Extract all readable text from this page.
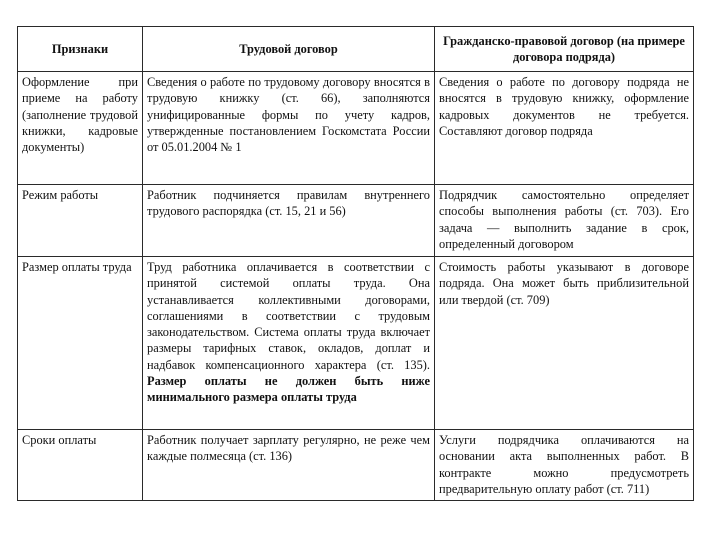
Признаки	Трудовой договор	Гражданско-правовой договор (на примере договора подряда)
Оформление при приеме на работу (заполнение трудовой книжки, кадровые документы)	Сведения о работе по трудовому договору вносятся в трудовую книжку (ст. 66), заполняются унифицированные формы по учету кадров, утвержденные постановлением Госкомстата России от 05.01.2004 № 1	Сведения о работе по договору подряда не вносятся в трудовую книжку, оформление кадровых документов не требуется. Составляют договор подряда
Режим работы	Работник подчиняется правилам внутреннего трудового распорядка (ст. 15, 21 и 56)	Подрядчик самостоятельно определяет способы выполнения работы (ст. 703). Его задача — выполнить задание в срок, определенный договором
Размер оплаты труда	Труд работника оплачивается в соответствии с принятой системой оплаты труда. Она устанавливается коллективными договорами, соглашениями в соответствии с трудовым законодательством. Система оплаты труда включает размеры тарифных ставок, окладов, доплат и надбавок компенсационного характера (ст. 135). Размер оплаты не должен быть ниже минимального размера оплаты труда	Стоимость работы указывают в договоре подряда. Она может быть приблизительной или твердой (ст. 709)
Сроки оплаты	Работник получает зарплату регулярно, не реже чем каждые полмесяца (ст. 136)	Услуги подрядчика оплачиваются на основании акта выполненных работ. В контракте можно предусмотреть предварительную оплату работ (ст. 711)
